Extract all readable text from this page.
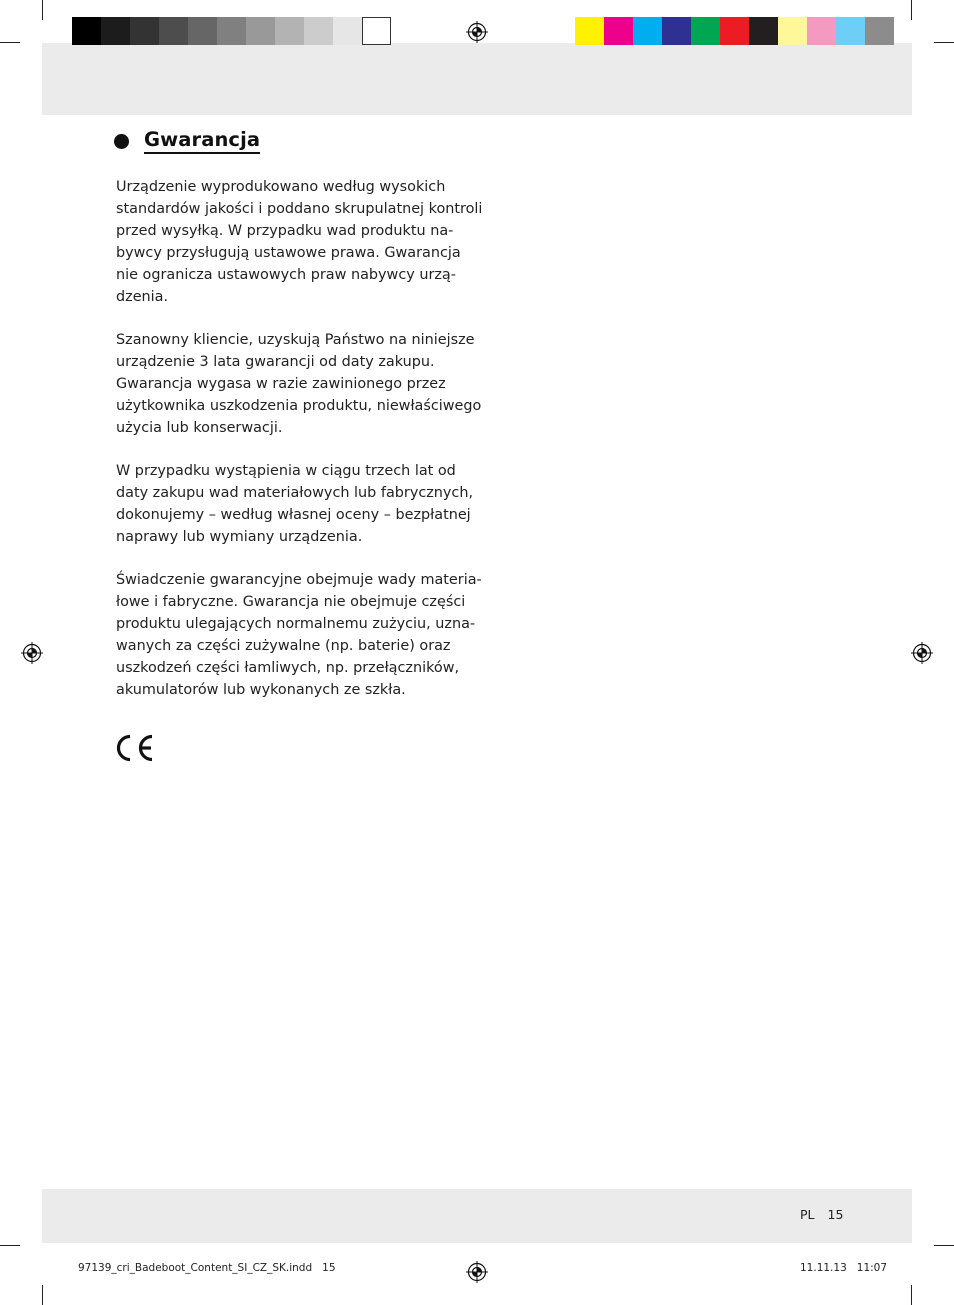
Gwarancja
Urządzenie wyprodukowano według wysokich
standardów jakości i poddano skrupulatnej kontroli
przed wysyłką. W przypadku wad produktu na-
bywcy przysługują ustawowe prawa. Gwarancja
nie ogranicza ustawowych praw nabywcy urzą-
dzenia.
Szanowny kliencie, uzyskują Państwo na niniejsze
urządzenie 3 lata gwarancji od daty zakupu.
Gwarancja wygasa w razie zawinionego przez
użytkownika uszkodzenia produktu, niewłaściwego
użycia lub konserwacji.
W przypadku wystąpienia w ciągu trzech lat od
daty zakupu wad materiałowych lub fabrycznych,
dokonujemy – według własnej oceny – bezpłatnej
naprawy lub wymiany urządzenia.
Świadczenie gwarancyjne obejmuje wady materia-
łowe i fabryczne. Gwarancja nie obejmuje części
produktu ulegających normalnemu zużyciu, uzna-
wanych za części zużywalne (np. baterie) oraz
uszkodzeń części łamliwych, np. przełączników,
akumulatorów lub wykonanych ze szkła.
PL 15
97139_cri_Badeboot_Content_SI_CZ_SK.indd   15	11.11.13   11:07
